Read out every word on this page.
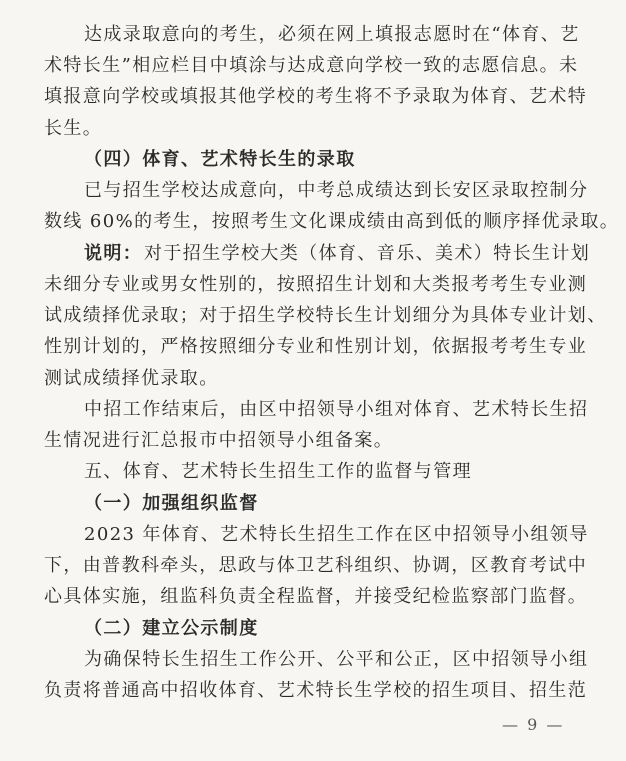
达成录取意向的考生，必须在网上填报志愿时在“体育、艺
术特长生”相应栏目中填涂与达成意向学校一致的志愿信息。未
填报意向学校或填报其他学校的考生将不予录取为体育、艺术特
长生。
（四）体育、艺术特长生的录取
已与招生学校达成意向，中考总成绩达到长安区录取控制分
数线 60%的考生，按照考生文化课成绩由高到低的顺序择优录取。
说明： 对于招生学校大类（体育、音乐、美术）特长生计划
未细分专业或男女性别的，按照招生计划和大类报考考生专业测
试成绩择优录取；对于招生学校特长生计划细分为具体专业计划、
性别计划的，严格按照细分专业和性别计划，依据报考考生专业
测试成绩择优录取。
中招工作结束后，由区中招领导小组对体育、艺术特长生招
生情况进行汇总报市中招领导小组备案。
五、体育、艺术特长生招生工作的监督与管理
（一）加强组织监督
2023 年体育、艺术特长生招生工作在区中招领导小组领导
下，由普教科牵头，思政与体卫艺科组织、协调，区教育考试中
心具体实施，组监科负责全程监督，并接受纪检监察部门监督。
（二）建立公示制度
为确保特长生招生工作公开、公平和公正，区中招领导小组
负责将普通高中招收体育、艺术特长生学校的招生项目、招生范
— 9 —
